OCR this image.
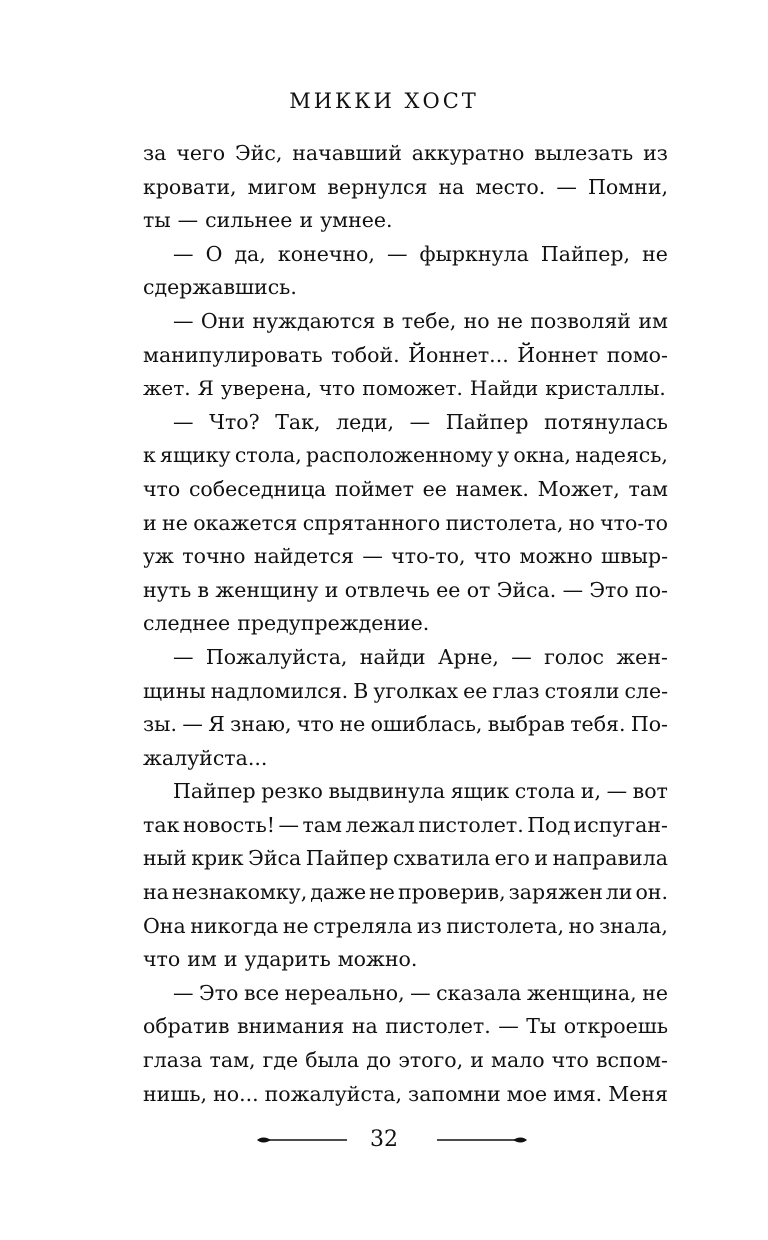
МИККИ ХОСТ
за чего Эйс, начавший аккуратно вылезать из
кровати, мигом вернулся на место. — Помни,
ты — сильнее и умнее.
— О да, конечно, — фыркнула Пайпер, не
сдержавшись.
— Они нуждаются в тебе, но не позволяй им
манипулировать тобой. Йоннет... Йоннет помо-
жет. Я уверена, что поможет. Найди кристаллы.
— Что? Так, леди, — Пайпер потянулась
к ящику стола, расположенному у окна, надеясь,
что собеседница поймет ее намек. Может, там
и не окажется спрятанного пистолета, но что-то
уж точно найдется — что-то, что можно швыр-
нуть в женщину и отвлечь ее от Эйса. — Это по-
следнее предупреждение.
— Пожалуйста, найди Арне, — голос жен-
щины надломился. В уголках ее глаз стояли сле-
зы. — Я знаю, что не ошиблась, выбрав тебя. По-
жалуйста...
Пайпер резко выдвинула ящик стола и, — вот
так новость! — там лежал пистолет. Под испуган-
ный крик Эйса Пайпер схватила его и направила
на незнакомку, даже не проверив, заряжен ли он.
Она никогда не стреляла из пистолета, но знала,
что им и ударить можно.
— Это все нереально, — сказала женщина, не
обратив внимания на пистолет. — Ты откроешь
глаза там, где была до этого, и мало что вспом-
нишь, но... пожалуйста, запомни мое имя. Меня
32
